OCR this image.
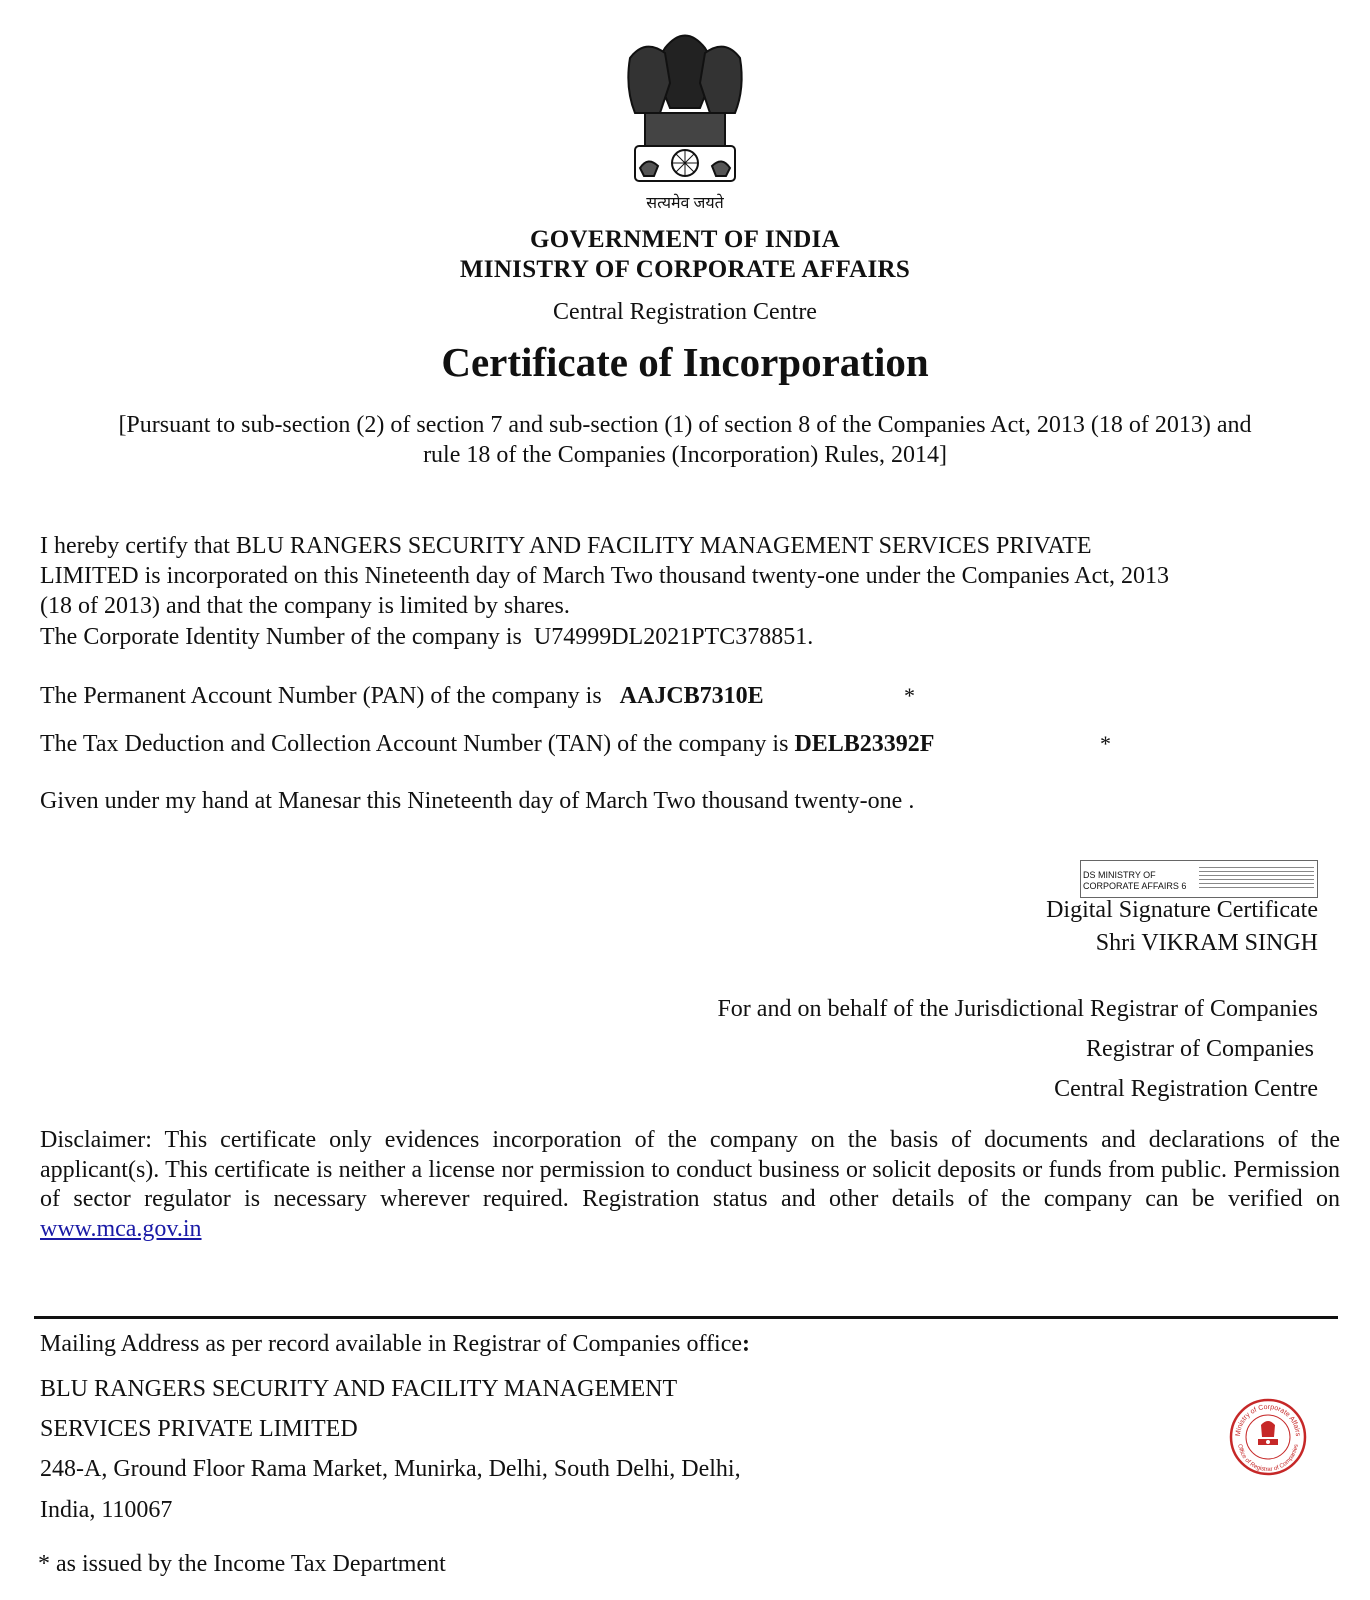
सत्यमेव जयते
GOVERNMENT OF INDIA
MINISTRY OF CORPORATE AFFAIRS
Central Registration Centre
Certificate of Incorporation
[Pursuant to sub-section (2) of section 7 and sub-section (1) of section 8 of the Companies Act, 2013 (18 of 2013) and
rule 18 of the Companies (Incorporation) Rules, 2014]
I hereby certify that BLU RANGERS SECURITY AND FACILITY MANAGEMENT SERVICES PRIVATE
LIMITED is incorporated on this Nineteenth day of March Two thousand twenty-one under the Companies Act, 2013
(18 of 2013) and that the company is limited by shares.
The Corporate Identity Number of the company is U74999DL2021PTC378851.
The Permanent Account Number (PAN) of the company is AAJCB7310E	*
The Tax Deduction and Collection Account Number (TAN) of the company is DELB23392F	*
Given under my hand at Manesar this Nineteenth day of March Two thousand twenty-one .
DS MINISTRY OF
CORPORATE AFFAIRS 6
Digital Signature Certificate
Shri VIKRAM SINGH
For and on behalf of the Jurisdictional Registrar of Companies
Registrar of Companies
Central Registration Centre
Disclaimer: This certificate only evidences incorporation of the company on the basis of documents and declarations of the applicant(s). This certificate is neither a license nor permission to conduct business or solicit deposits or funds from public. Permission of sector regulator is necessary wherever required. Registration status and other details of the company can be verified on www.mca.gov.in
Mailing Address as per record available in Registrar of Companies office:
BLU RANGERS SECURITY AND FACILITY MANAGEMENT
SERVICES PRIVATE LIMITED
248-A, Ground Floor Rama Market, Munirka, Delhi, South Delhi, Delhi,
India, 110067
Ministry of Corporate Affairs
Office of Registrar of Companies
* as issued by the Income Tax Department
